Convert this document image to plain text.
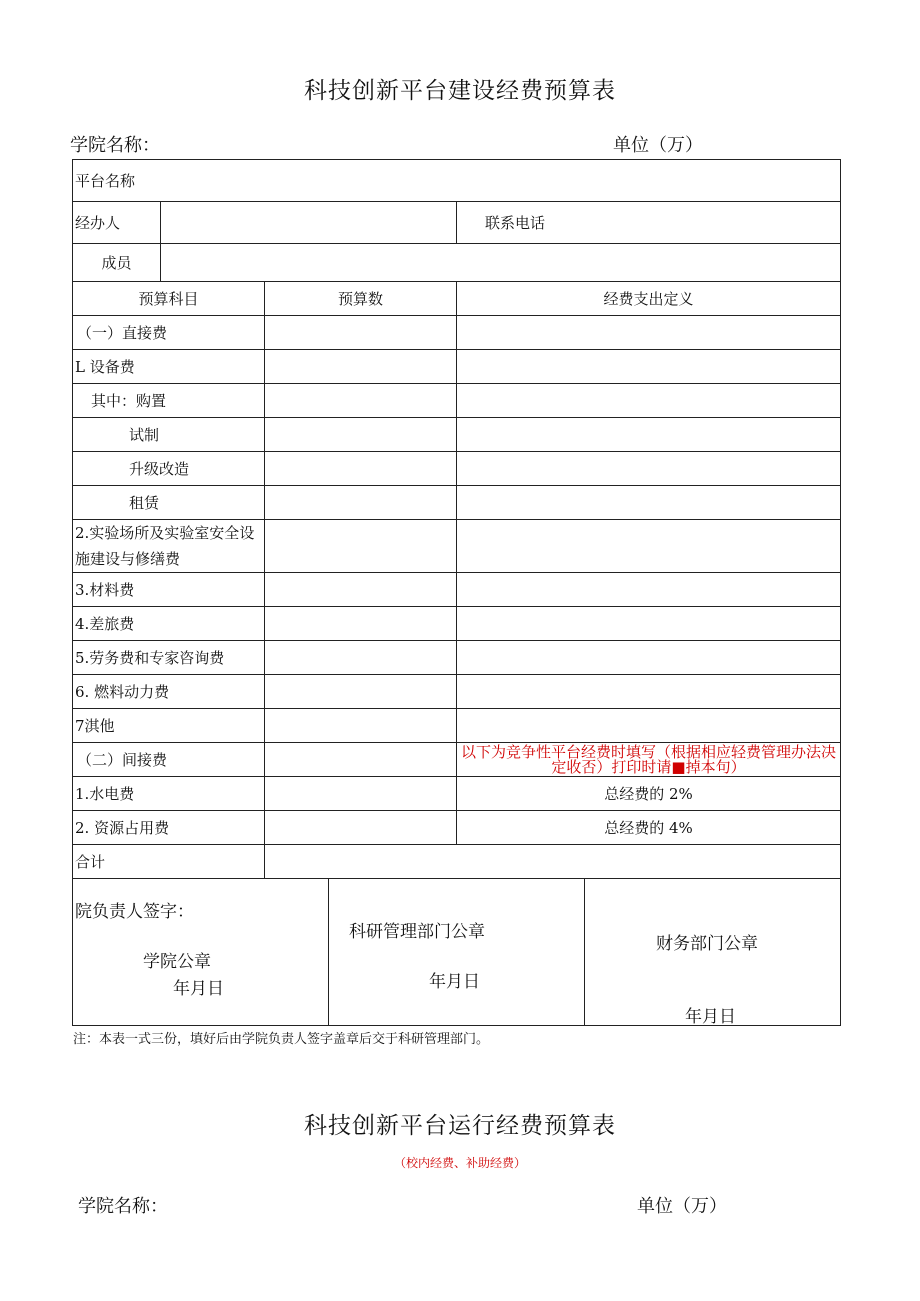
科技创新平台建设经费预算表
学院名称：	单位（万）
平台名称			
经办人			联系电话
成员			
预算科目		预算数	经费支出定义
（一）直接费			
L 设备费			
其中：购置			
试制			
升级改造			
租赁			
2.实验场所及实验室安全设施建设与修缮费			
3.材料费			
4.差旅费			
5.劳务费和专家咨询费			
6. 燃料动力费			
7淇他			
（二）间接费			以下为竞争性平台经费时填写（根据相应轻费管理办法决定收否）打印时请■掉本句）
1.水电费			总经费的 2%
2. 资源占用费			总经费的 4%
合计			
院负责人签字：
学院公章
年月日

科研管理部门公章
年月日

财务部门公章
年月日
注：本表一式三份，填好后由学院负责人签字盖章后交于科研管理部门。
科技创新平台运行经费预算表
（校内经费、补助经费）
学院名称：	单位（万）
